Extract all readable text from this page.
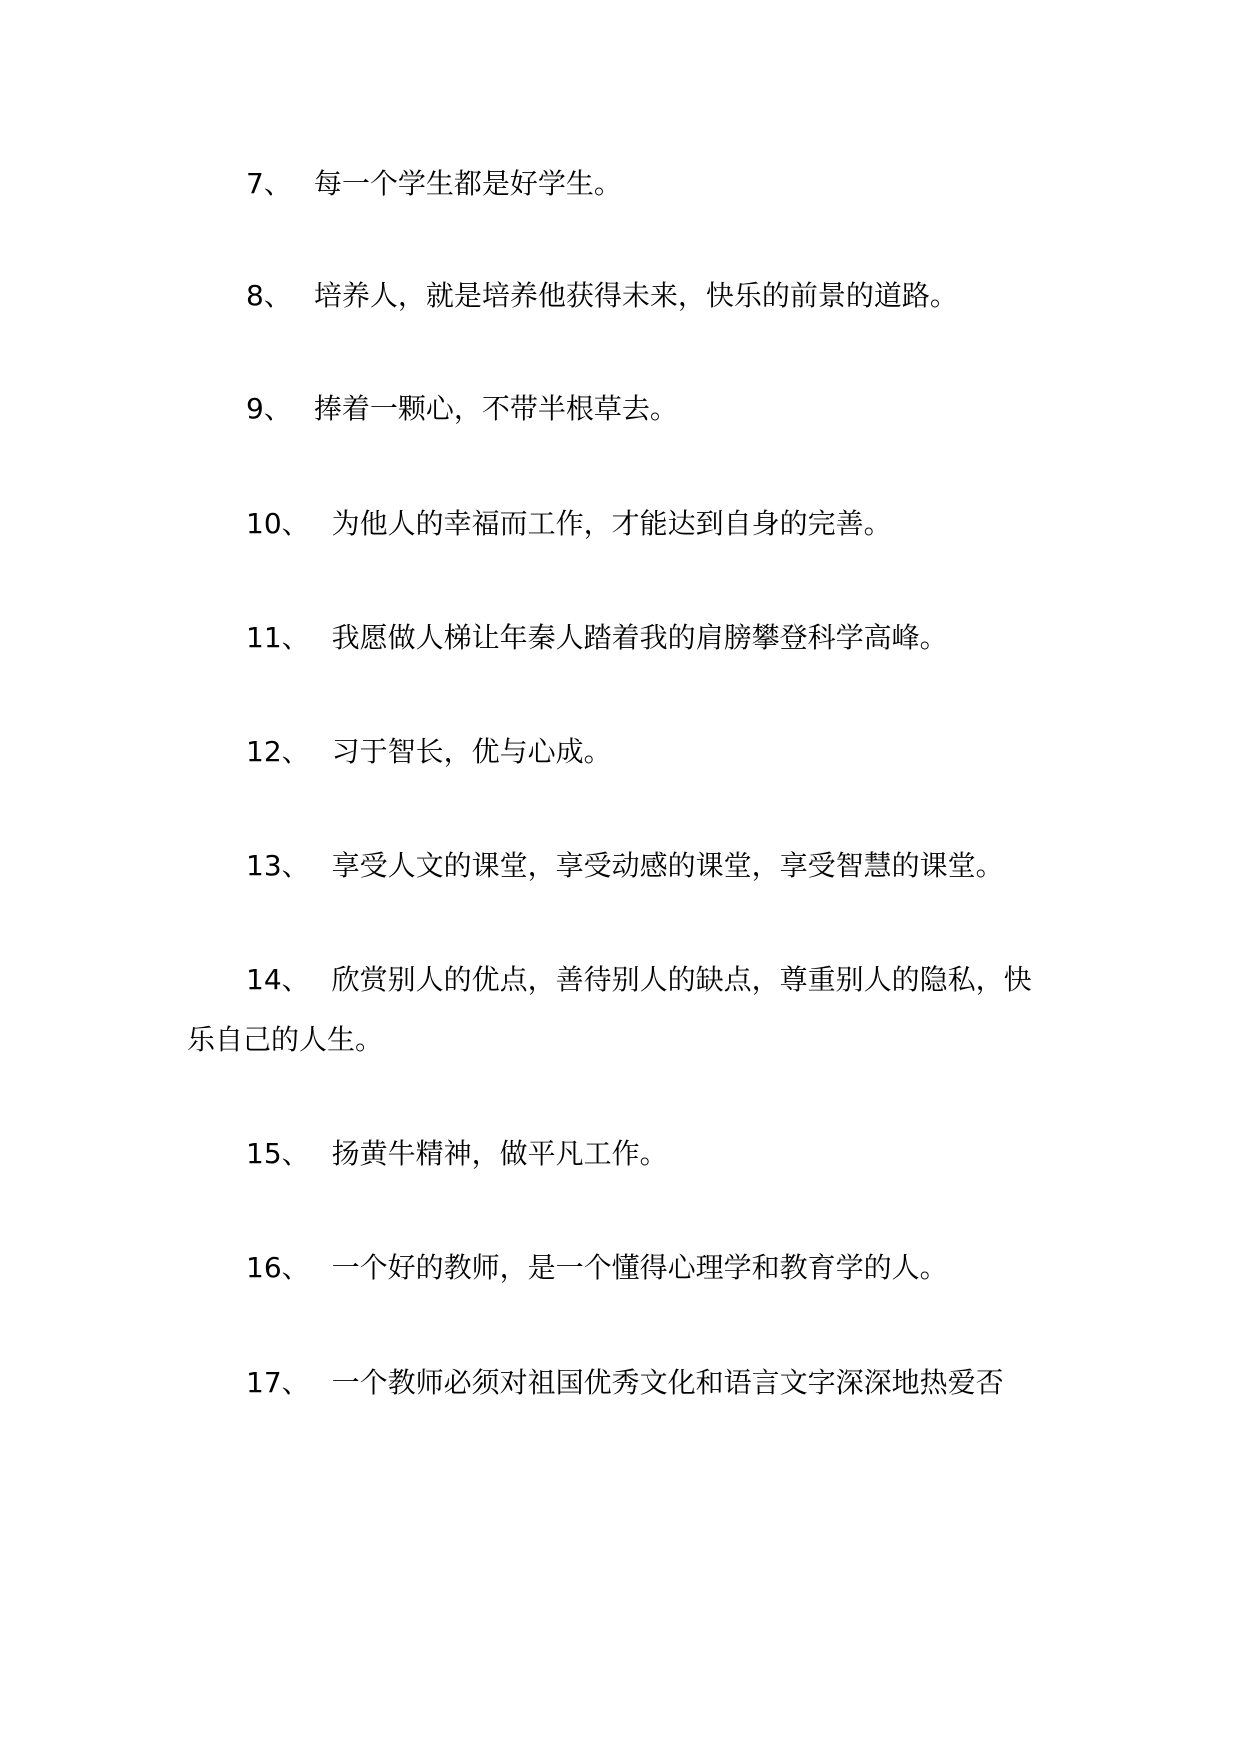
7、 每一个学生都是好学生。
8、 培养人，就是培养他获得未来，快乐的前景的道路。
9、 捧着一颗心，不带半根草去。
10、 为他人的幸福而工作，才能达到自身的完善。
11、 我愿做人梯让年秦人踏着我的肩膀攀登科学高峰。
12、 习于智长，优与心成。
13、 享受人文的课堂，享受动感的课堂，享受智慧的课堂。
14、 欣赏别人的优点，善待别人的缺点，尊重别人的隐私，快
乐自己的人生。
15、 扬黄牛精神，做平凡工作。
16、 一个好的教师，是一个懂得心理学和教育学的人。
17、 一个教师必须对祖国优秀文化和语言文字深深地热爱否
